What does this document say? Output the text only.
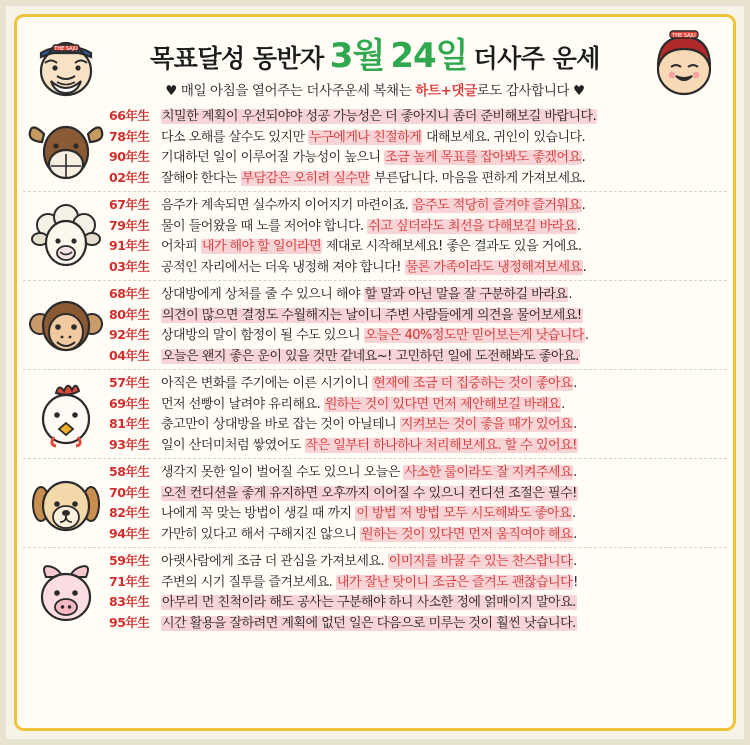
THE SAJU	목표달성 동반자 3월 24일 더사주 운세
THE SAJU
♥ 매일 아침을 열어주는 더사주운세 복채는 하트+댓글로도 감사합니다 ♥
66年生 치밀한 계획이 우선되야야 성공 가능성은 더 좋아지니 좀더 준비해보길 바랍니다.
78年生 다소 오해를 살수도 있지만 누구에게나 친절하게 대해보세요. 귀인이 있습니다.
90年生 기대하던 일이 이루어질 가능성이 높으니 조금 높게 목표를 잡아봐도 좋겠어요.
02年生 잘해야 한다는 부담감은 오히려 실수만 부른답니다. 마음을 편하게 가져보세요.
67年生 음주가 계속되면 실수까지 이어지기 마련이죠. 음주도 적당히 즐겨야 즐거워요.
79年生 물이 들어왔을 때 노를 저어야 합니다. 쉬고 싶더라도 최선을 다해보길 바라요.
91年生 어차피 내가 해야 할 일이라면 제대로 시작해보세요! 좋은 결과도 있을 거에요.
03年生 공적인 자리에서는 더욱 냉정해 져야 합니다! 물론 가족이라도 냉정해져보세요.
68年生 상대방에게 상처를 줄 수 있으니 해야 할 말과 아닌 말을 잘 구분하길 바라요.
80年生 의견이 많으면 결정도 수월해지는 날이니 주변 사람들에게 의견을 물어보세요!
92年生 상대방의 말이 함정이 될 수도 있으니 오늘은 40%정도만 믿어보는게 낫습니다.
04年生 오늘은 왠지 좋은 운이 있을 것만 같네요~! 고민하던 일에 도전해봐도 좋아요.
57年生 아직은 변화를 주기에는 이른 시기이니 현재에 조금 더 집중하는 것이 좋아요.
69年生 먼저 선빵이 날려야 유리해요. 원하는 것이 있다면 먼저 제안해보길 바래요.
81年生 충고만이 상대방을 바로 잡는 것이 아닐테니 지켜보는 것이 좋을 때가 있어요.
93年生 일이 산더미처럼 쌓였어도 작은 일부터 하나하나 처리해보세요. 할 수 있어요!
58年生 생각지 못한 일이 벌어질 수도 있으니 오늘은 사소한 룰이라도 잘 지켜주세요.
70年生 오전 컨디션을 좋게 유지하면 오후까지 이어질 수 있으니 컨디션 조절은 필수!
82年生 나에게 꼭 맞는 방법이 생길 때 까지 이 방법 저 방법 모두 시도해봐도 좋아요.
94年生 가만히 있다고 해서 구해지진 않으니 원하는 것이 있다면 먼저 움직여야 해요.
59年生 아랫사람에게 조금 더 관심을 가져보세요. 이미지를 바꿀 수 있는 찬스랍니다.
71年生 주변의 시기 질투를 즐겨보세요. 내가 잘난 탓이니 조금은 즐겨도 괜찮습니다!
83年生 아무리 먼 친척이라 해도 공사는 구분해야 하니 사소한 정에 얽매이지 말아요.
95年生 시간 활용을 잘하려면 계획에 없던 일은 다음으로 미루는 것이 훨씬 낫습니다.
